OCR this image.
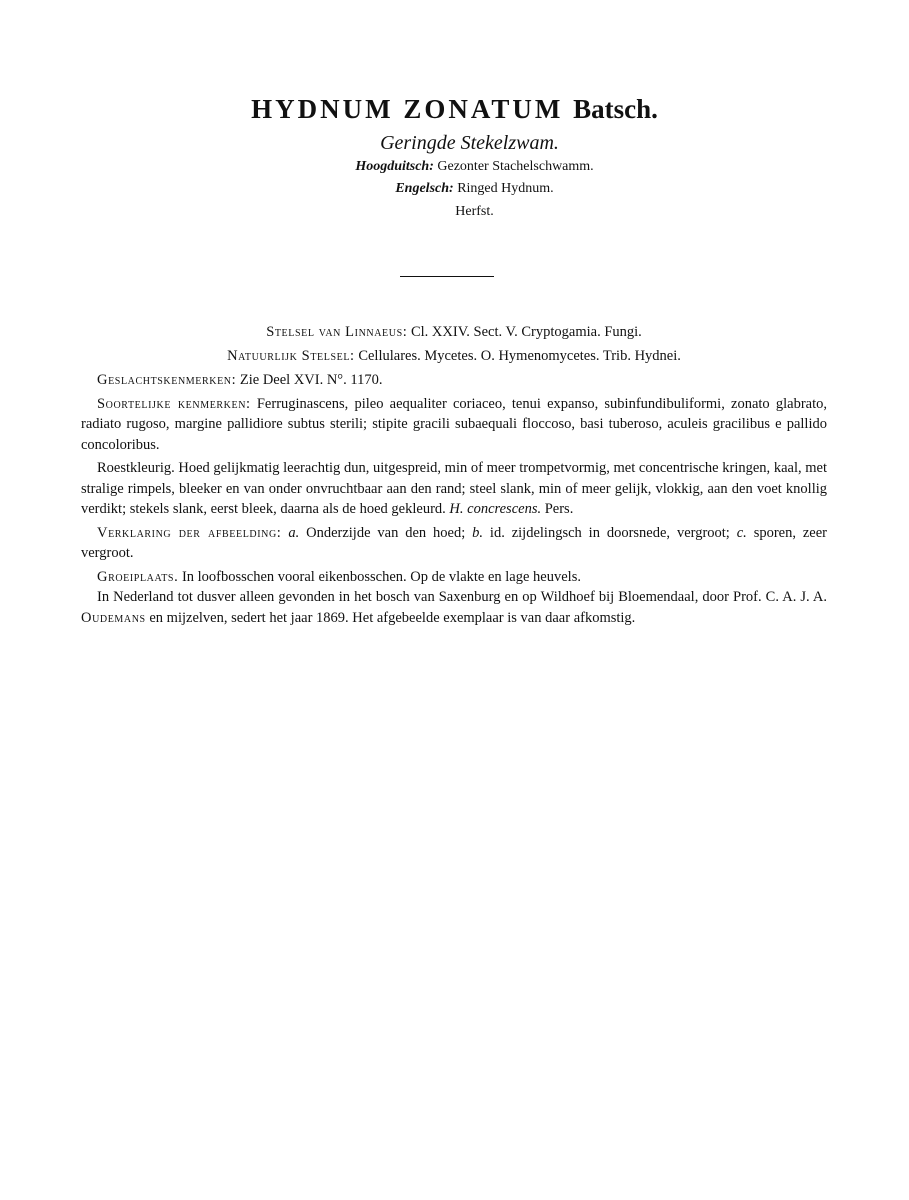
HYDNUM ZONATUM Batsch.
Geringde Stekelzwam.
Hoogduitsch: Gezonter Stachelschwamm.
Engelsch: Ringed Hydnum.
Herfst.
Stelsel van Linnaeus: Cl. XXIV. Sect. V. Cryptogamia. Fungi.
Natuurlijk Stelsel: Cellulares. Mycetes. O. Hymenomycetes. Trib. Hydnei.
Geslachtskenmerken: Zie Deel XVI. N°. 1170.
Soortelijke kenmerken: Ferruginascens, pileo aequaliter coriaceo, tenui expanso, subinfundibuliformi, zonato glabrato, radiato rugoso, margine pallidiore subtus sterili; stipite gracili subaequali floccoso, basi tuberoso, aculeis gracilibus e pallido concoloribus.
Roestkleurig. Hoed gelijkmatig leerachtig dun, uitgespreid, min of meer trompetvormig, met concentrische kringen, kaal, met stralige rimpels, bleeker en van onder onvruchtbaar aan den rand; steel slank, min of meer gelijk, vlokkig, aan den voet knollig verdikt; stekels slank, eerst bleek, daarna als de hoed gekleurd. H. concrescens. Pers.
Verklaring der afbeelding: a. Onderzijde van den hoed; b. id. zijdelingsch in doorsnede, vergroot; c. sporen, zeer vergroot.
Groeiplaats. In loofbosschen vooral eikenbosschen. Op de vlakte en lage heuvels.
In Nederland tot dusver alleen gevonden in het bosch van Saxenburg en op Wildhoef bij Bloemendaal, door Prof. C. A. J. A. Oudemans en mijzelven, sedert het jaar 1869. Het afgebeelde exemplaar is van daar afkomstig.
